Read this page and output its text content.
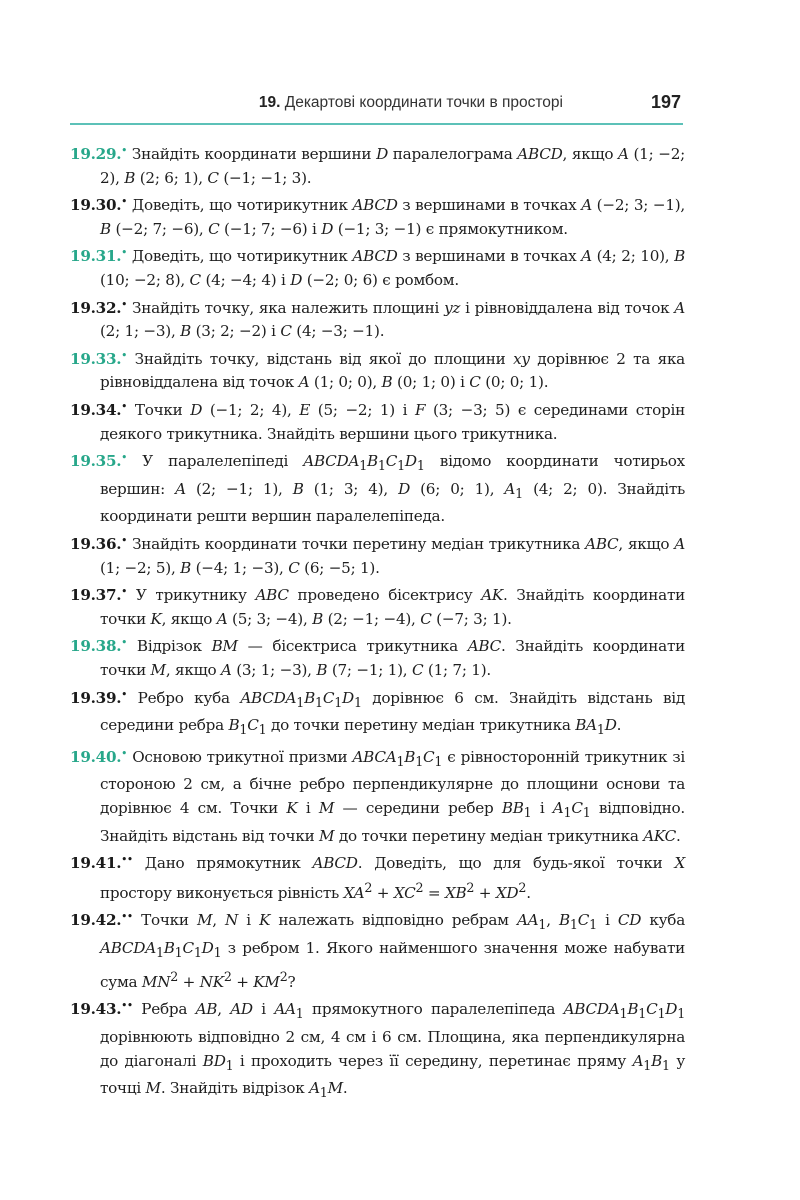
19. Декартові координати точки в просторі	197
19.29.• Знайдіть координати вершини D паралелограма ABCD, якщо A (1; −2; 2), B (2; 6; 1), C (−1; −1; 3).
19.30.• Доведіть, що чотирикутник ABCD з вершинами в точках A (−2; 3; −1), B (−2; 7; −6), C (−1; 7; −6) і D (−1; 3; −1) є прямокутником.
19.31.• Доведіть, що чотирикутник ABCD з вершинами в точках A (4; 2; 10), B (10; −2; 8), C (4; −4; 4) і D (−2; 0; 6) є ромбом.
19.32.• Знайдіть точку, яка належить площині yz і рівновіддалена від точок A (2; 1; −3), B (3; 2; −2) і C (4; −3; −1).
19.33.• Знайдіть точку, відстань від якої до площини xy дорівнює 2 та яка рівновіддалена від точок A (1; 0; 0), B (0; 1; 0) і C (0; 0; 1).
19.34.• Точки D (−1; 2; 4), E (5; −2; 1) і F (3; −3; 5) є серединами сторін деякого трикутника. Знайдіть вершини цього трикутника.
19.35.• У паралелепіпеді $ABCDA_1B_1C_1D_1$ відомо координати чотирьох вершин: A (2; −1; 1), B (1; 3; 4), D (6; 0; 1), $A_1$ (4; 2; 0). Знайдіть координати решти вершин паралелепіпеда.
19.36.• Знайдіть координати точки перетину медіан трикутника ABC, якщо A (1; −2; 5), B (−4; 1; −3), C (6; −5; 1).
19.37.• У трикутнику ABC проведено бісектрису AK. Знайдіть координати точки K, якщо A (5; 3; −4), B (2; −1; −4), C (−7; 3; 1).
19.38.• Відрізок BM — бісектриса трикутника ABC. Знайдіть координати точки M, якщо A (3; 1; −3), B (7; −1; 1), C (1; 7; 1).
19.39.• Ребро куба $ABCDA_1B_1C_1D_1$ дорівнює 6 см. Знайдіть відстань від середини ребра $B_1C_1$ до точки перетину медіан трикутника $BA_1D$.
19.40.• Основою трикутної призми $ABCA_1B_1C_1$ є рівносторонній трикутник зі стороною 2 см, а бічне ребро перпендикулярне до площини основи та дорівнює 4 см. Точки K і M — середини ребер $BB_1$ і $A_1C_1$ відповідно. Знайдіть відстань від точки M до точки перетину медіан трикутника AKC.
19.41.•• Дано прямокутник ABCD. Доведіть, що для будь-якої точки X простору виконується рівність $XA^2 + XC^2 = XB^2 + XD^2$.
19.42.•• Точки M, N і K належать відповідно ребрам $AA_1$, $B_1C_1$ і CD куба $ABCDA_1B_1C_1D_1$ з ребром 1. Якого найменшого значення може набувати сума $MN^2 + NK^2 + KM^2$?
19.43.•• Ребра AB, AD і $AA_1$ прямокутного паралелепіпеда $ABCDA_1B_1C_1D_1$ дорівнюють відповідно 2 см, 4 см і 6 см. Площина, яка перпендикулярна до діагоналі $BD_1$ і проходить через її середину, перетинає пряму $A_1B_1$ у точці M. Знайдіть відрізок $A_1M$.
